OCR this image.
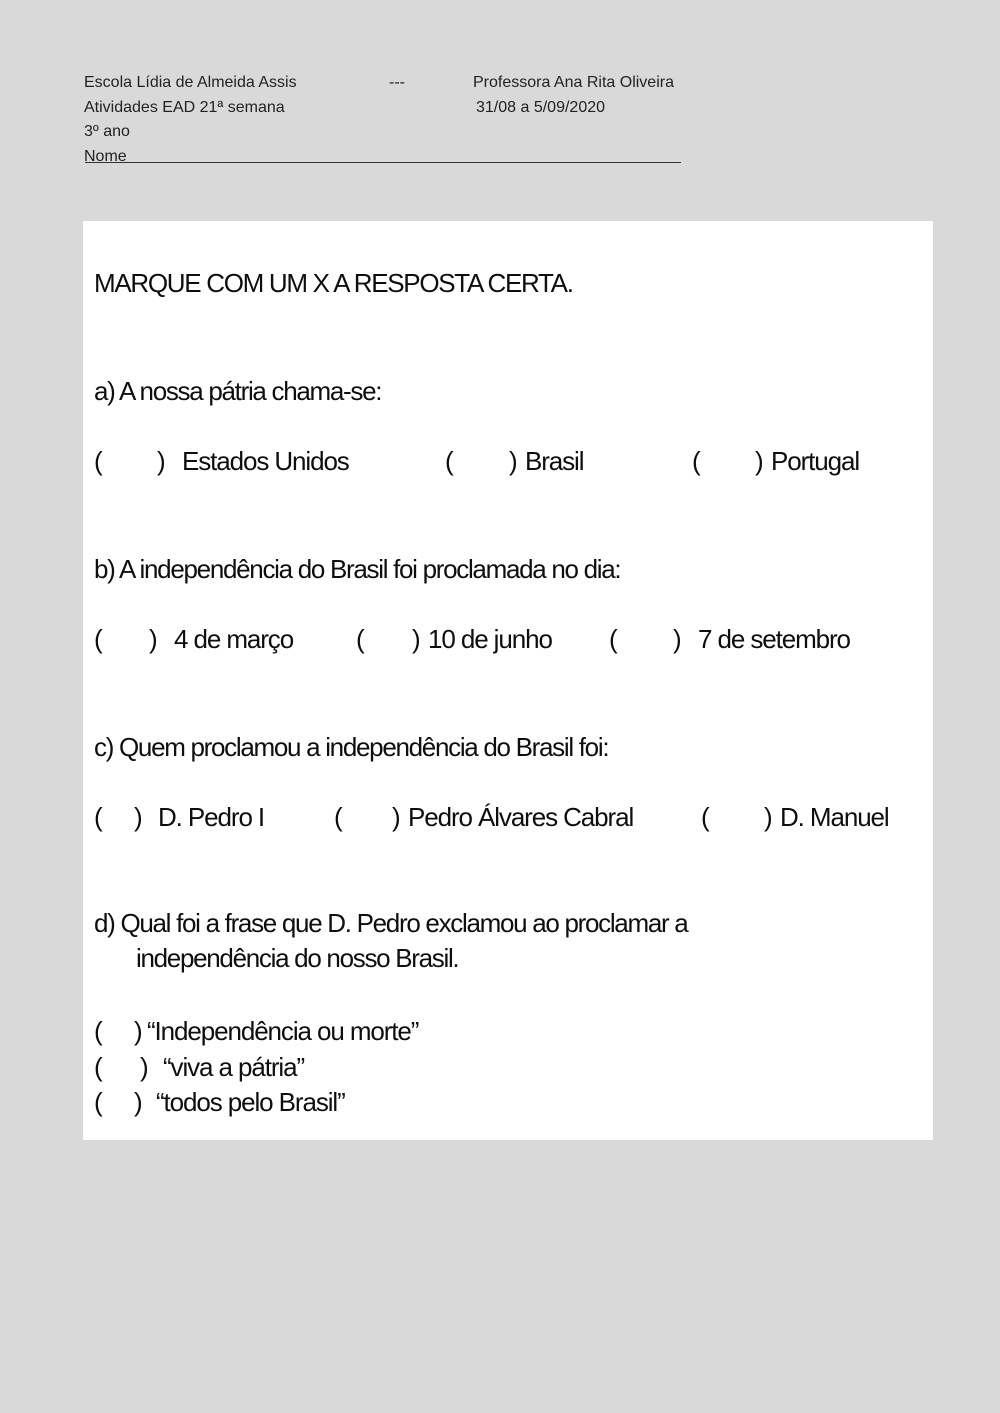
Escola Lídia de Almeida Assis	---	Professora Ana Rita Oliveira
Atividades EAD 21ª semana	31/08 a 5/09/2020
3º ano
Nome
MARQUE COM UM X A RESPOSTA CERTA.
a) A nossa pátria chama-se:
( ) Estados Unidos	( ) Brasil	( ) Portugal
b) A independência do Brasil foi proclamada no dia:
( ) 4 de março ( ) 10 de junho ( ) 7 de setembro
c) Quem proclamou a independência do Brasil foi:
( ) D. Pedro I	( ) Pedro Álvares Cabral	( ) D. Manuel
d) Qual foi a frase que D. Pedro exclamou ao proclamar a
independência do nosso Brasil.
( ) “Independência ou morte”
( ) “viva a pátria”
( ) “todos pelo Brasil”
